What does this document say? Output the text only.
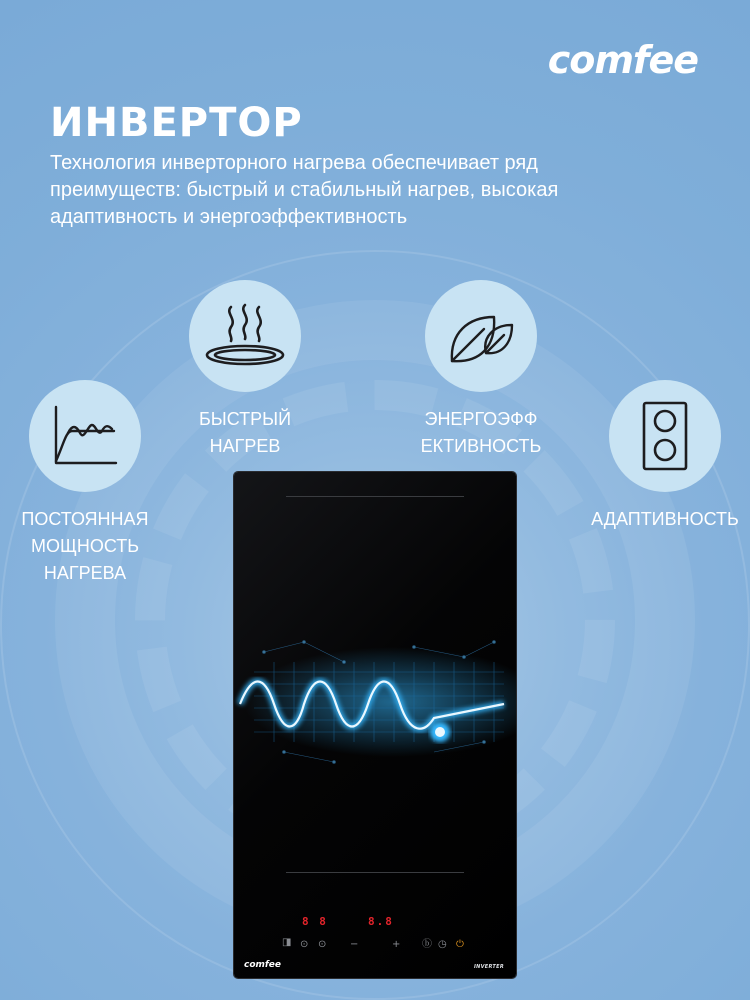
comfee
ИНВЕРТОР

Технология инверторного нагрева обеспечивает ряд преимуществ: быстрый и стабильный нагрев, высокая адаптивность и энергоэффективность

ПОСТОЯННАЯ
МОЩНОСТЬ
НАГРЕВА
БЫСТРЫЙ
НАГРЕВ
ЭНЕРГОЭФФ
ЕКТИВНОСТЬ
АДАПТИВНОСТЬ
8 8	8.8
◨ ⊙ ⊙ −	+ ⓑ ◷ ⏻
comfee	INVERTER
